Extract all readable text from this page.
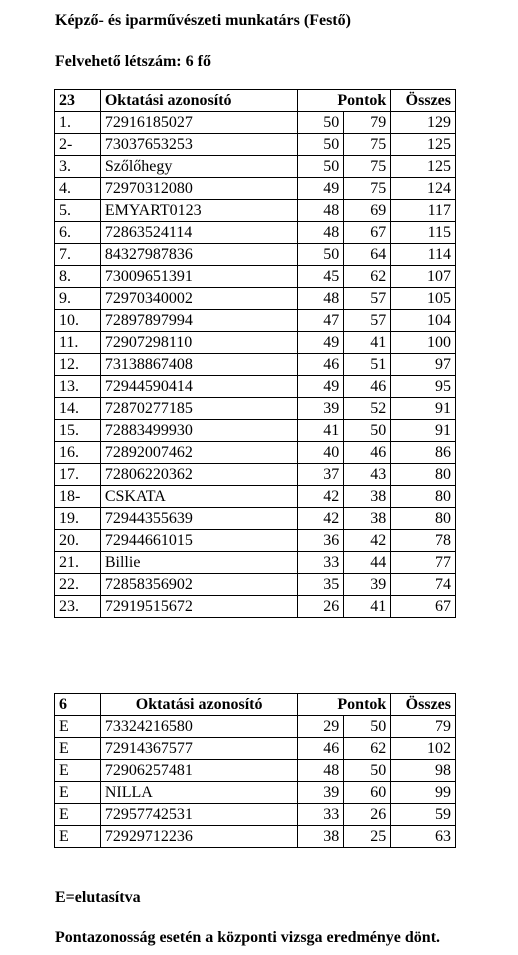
Képző- és iparművészeti munkatárs (Festő)
Felvehető létszám: 6 fő
23	Oktatási azonosító	Pontok		Összes
1.	72916185027	50	79	129
2-	73037653253	50	75	125
3.	Szőlőhegy	50	75	125
4.	72970312080	49	75	124
5.	EMYART0123	48	69	117
6.	72863524114	48	67	115
7.	84327987836	50	64	114
8.	73009651391	45	62	107
9.	72970340002	48	57	105
10.	72897897994	47	57	104
11.	72907298110	49	41	100
12.	73138867408	46	51	97
13.	72944590414	49	46	95
14.	72870277185	39	52	91
15.	72883499930	41	50	91
16.	72892007462	40	46	86
17.	72806220362	37	43	80
18-	CSKATA	42	38	80
19.	72944355639	42	38	80
20.	72944661015	36	42	78
21.	Billie	33	44	77
22.	72858356902	35	39	74
23.	72919515672	26	41	67
6	Oktatási azonosító	Pontok		Összes
E	73324216580	29	50	79
E	72914367577	46	62	102
E	72906257481	48	50	98
E	NILLA	39	60	99
E	72957742531	33	26	59
E	72929712236	38	25	63
E=elutasítva
Pontazonosság esetén a központi vizsga eredménye dönt.
